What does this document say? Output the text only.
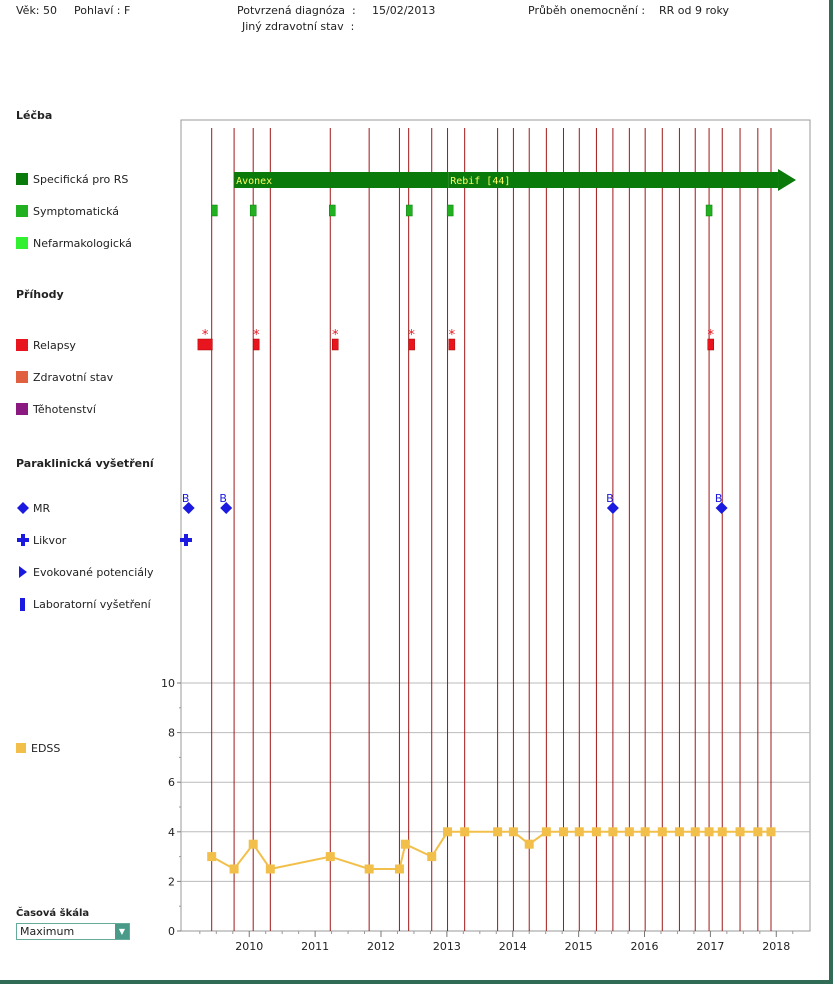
Věk: 50 Pohlaví : F	Potvrzená diagnóza  : 15/02/2013
Jiný zdravotní stav  :
Průběh onemocnění : RR od 9 roky
Léčba
Příhody
Paraklinická vyšetření
Specifická pro RS
Symptomatická
Nefarmakologická
Relapsy
Zdravotní stav
Těhotenství
MR
Likvor
Evokované potenciály
Laboratorní vyšetření
EDSS
Časová škála
Maximum	▼	0
2
4
6
8
10
2010	2011	2012	2013	2014	2015	2016	2017	2018
Avonex	Rebif [44]
*	*	*	*	*	*
B	B	B	B
